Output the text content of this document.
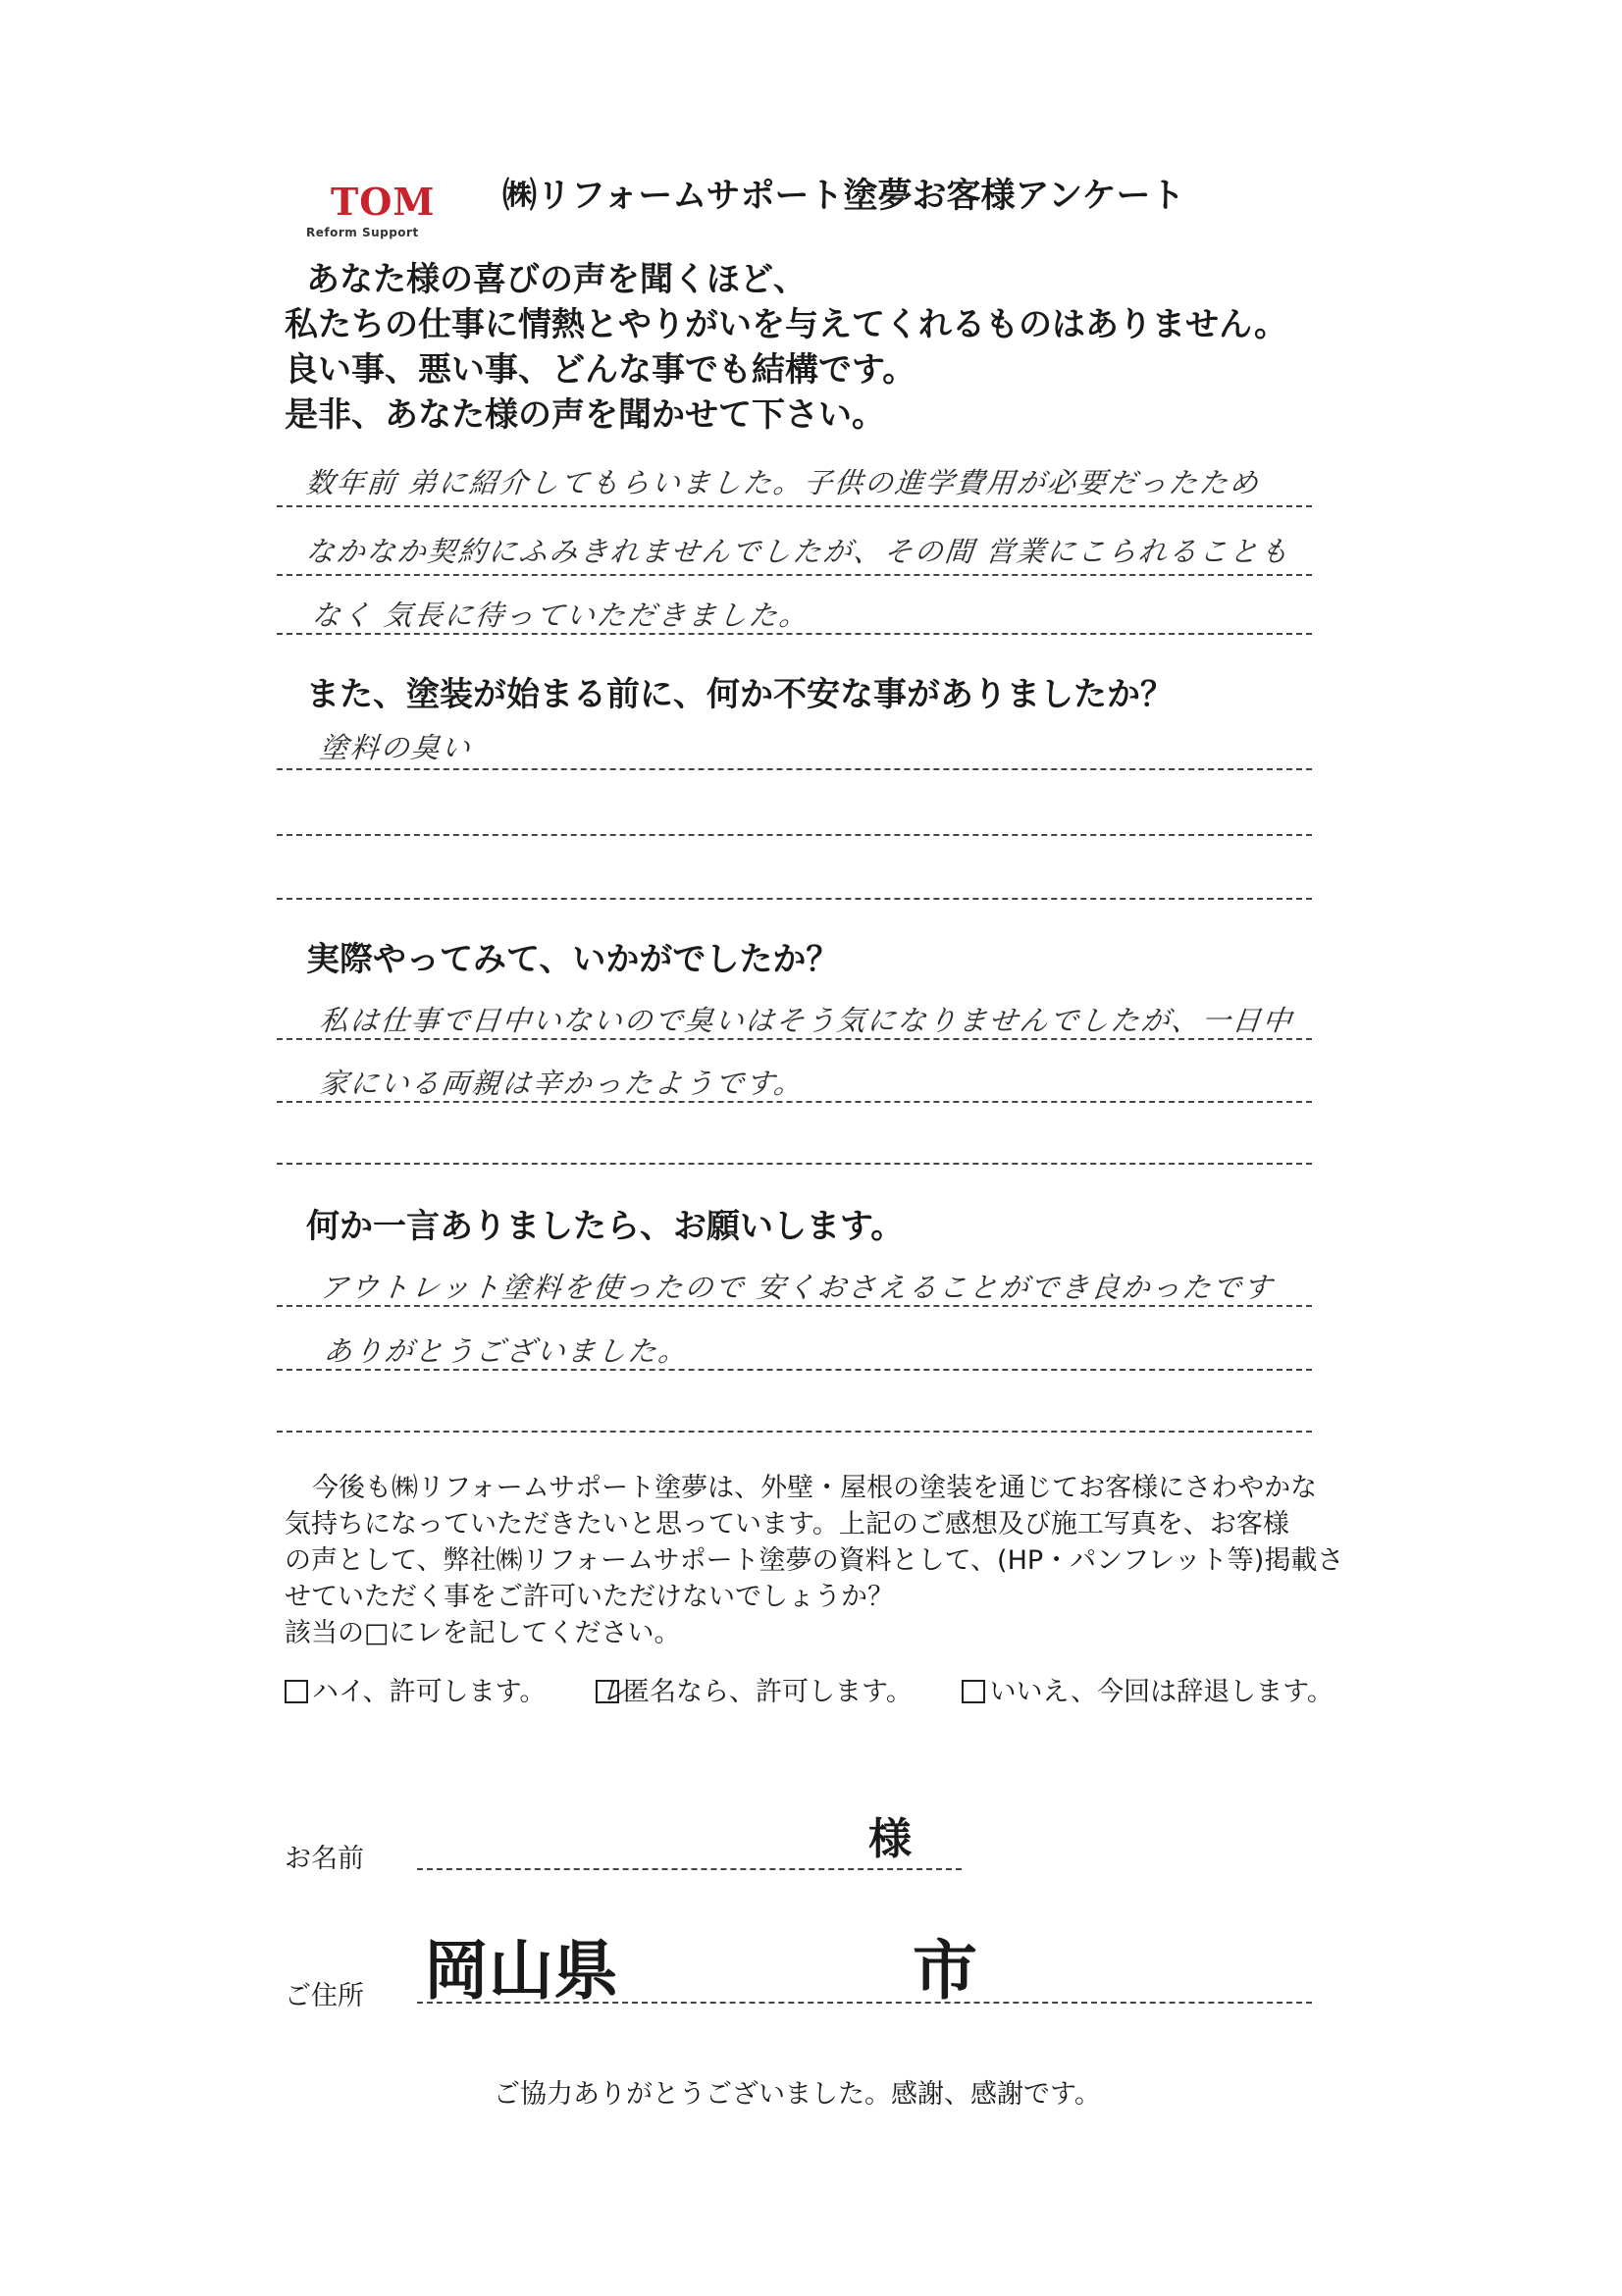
TOM
Reform Support
㈱リフォームサポート塗夢お客様アンケート
あなた様の喜びの声を聞くほど、
私たちの仕事に情熱とやりがいを与えてくれるものはありません。
良い事、悪い事、どんな事でも結構です。
是非、あなた様の声を聞かせて下さい。
数年前 弟に紹介してもらいました。子供の進学費用が必要だったため
なかなか契約にふみきれませんでしたが、その間 営業にこられることも
なく 気長に待っていただきました。
また、塗装が始まる前に、何か不安な事がありましたか？
塗料の臭い
実際やってみて、いかがでしたか？
私は仕事で日中いないので臭いはそう気になりませんでしたが、一日中
家にいる両親は辛かったようです。
何か一言ありましたら、お願いします。
アウトレット塗料を使ったので 安くおさえることができ良かったです
ありがとうございました。
今後も㈱リフォームサポート塗夢は、外壁・屋根の塗装を通じてお客様にさわやかな
気持ちになっていただきたいと思っています。上記のご感想及び施工写真を、お客様
の声として、弊社㈱リフォームサポート塗夢の資料として、(HP・パンフレット等)掲載さ
せていただく事をご許可いただけないでしょうか？
該当の□にレを記してください。
ハイ、許可します。 レ
匿名なら、許可します。	いいえ、今回は辞退します。
お名前	様
ご住所 岡山県	市
ご協力ありがとうございました。感謝、感謝です。
